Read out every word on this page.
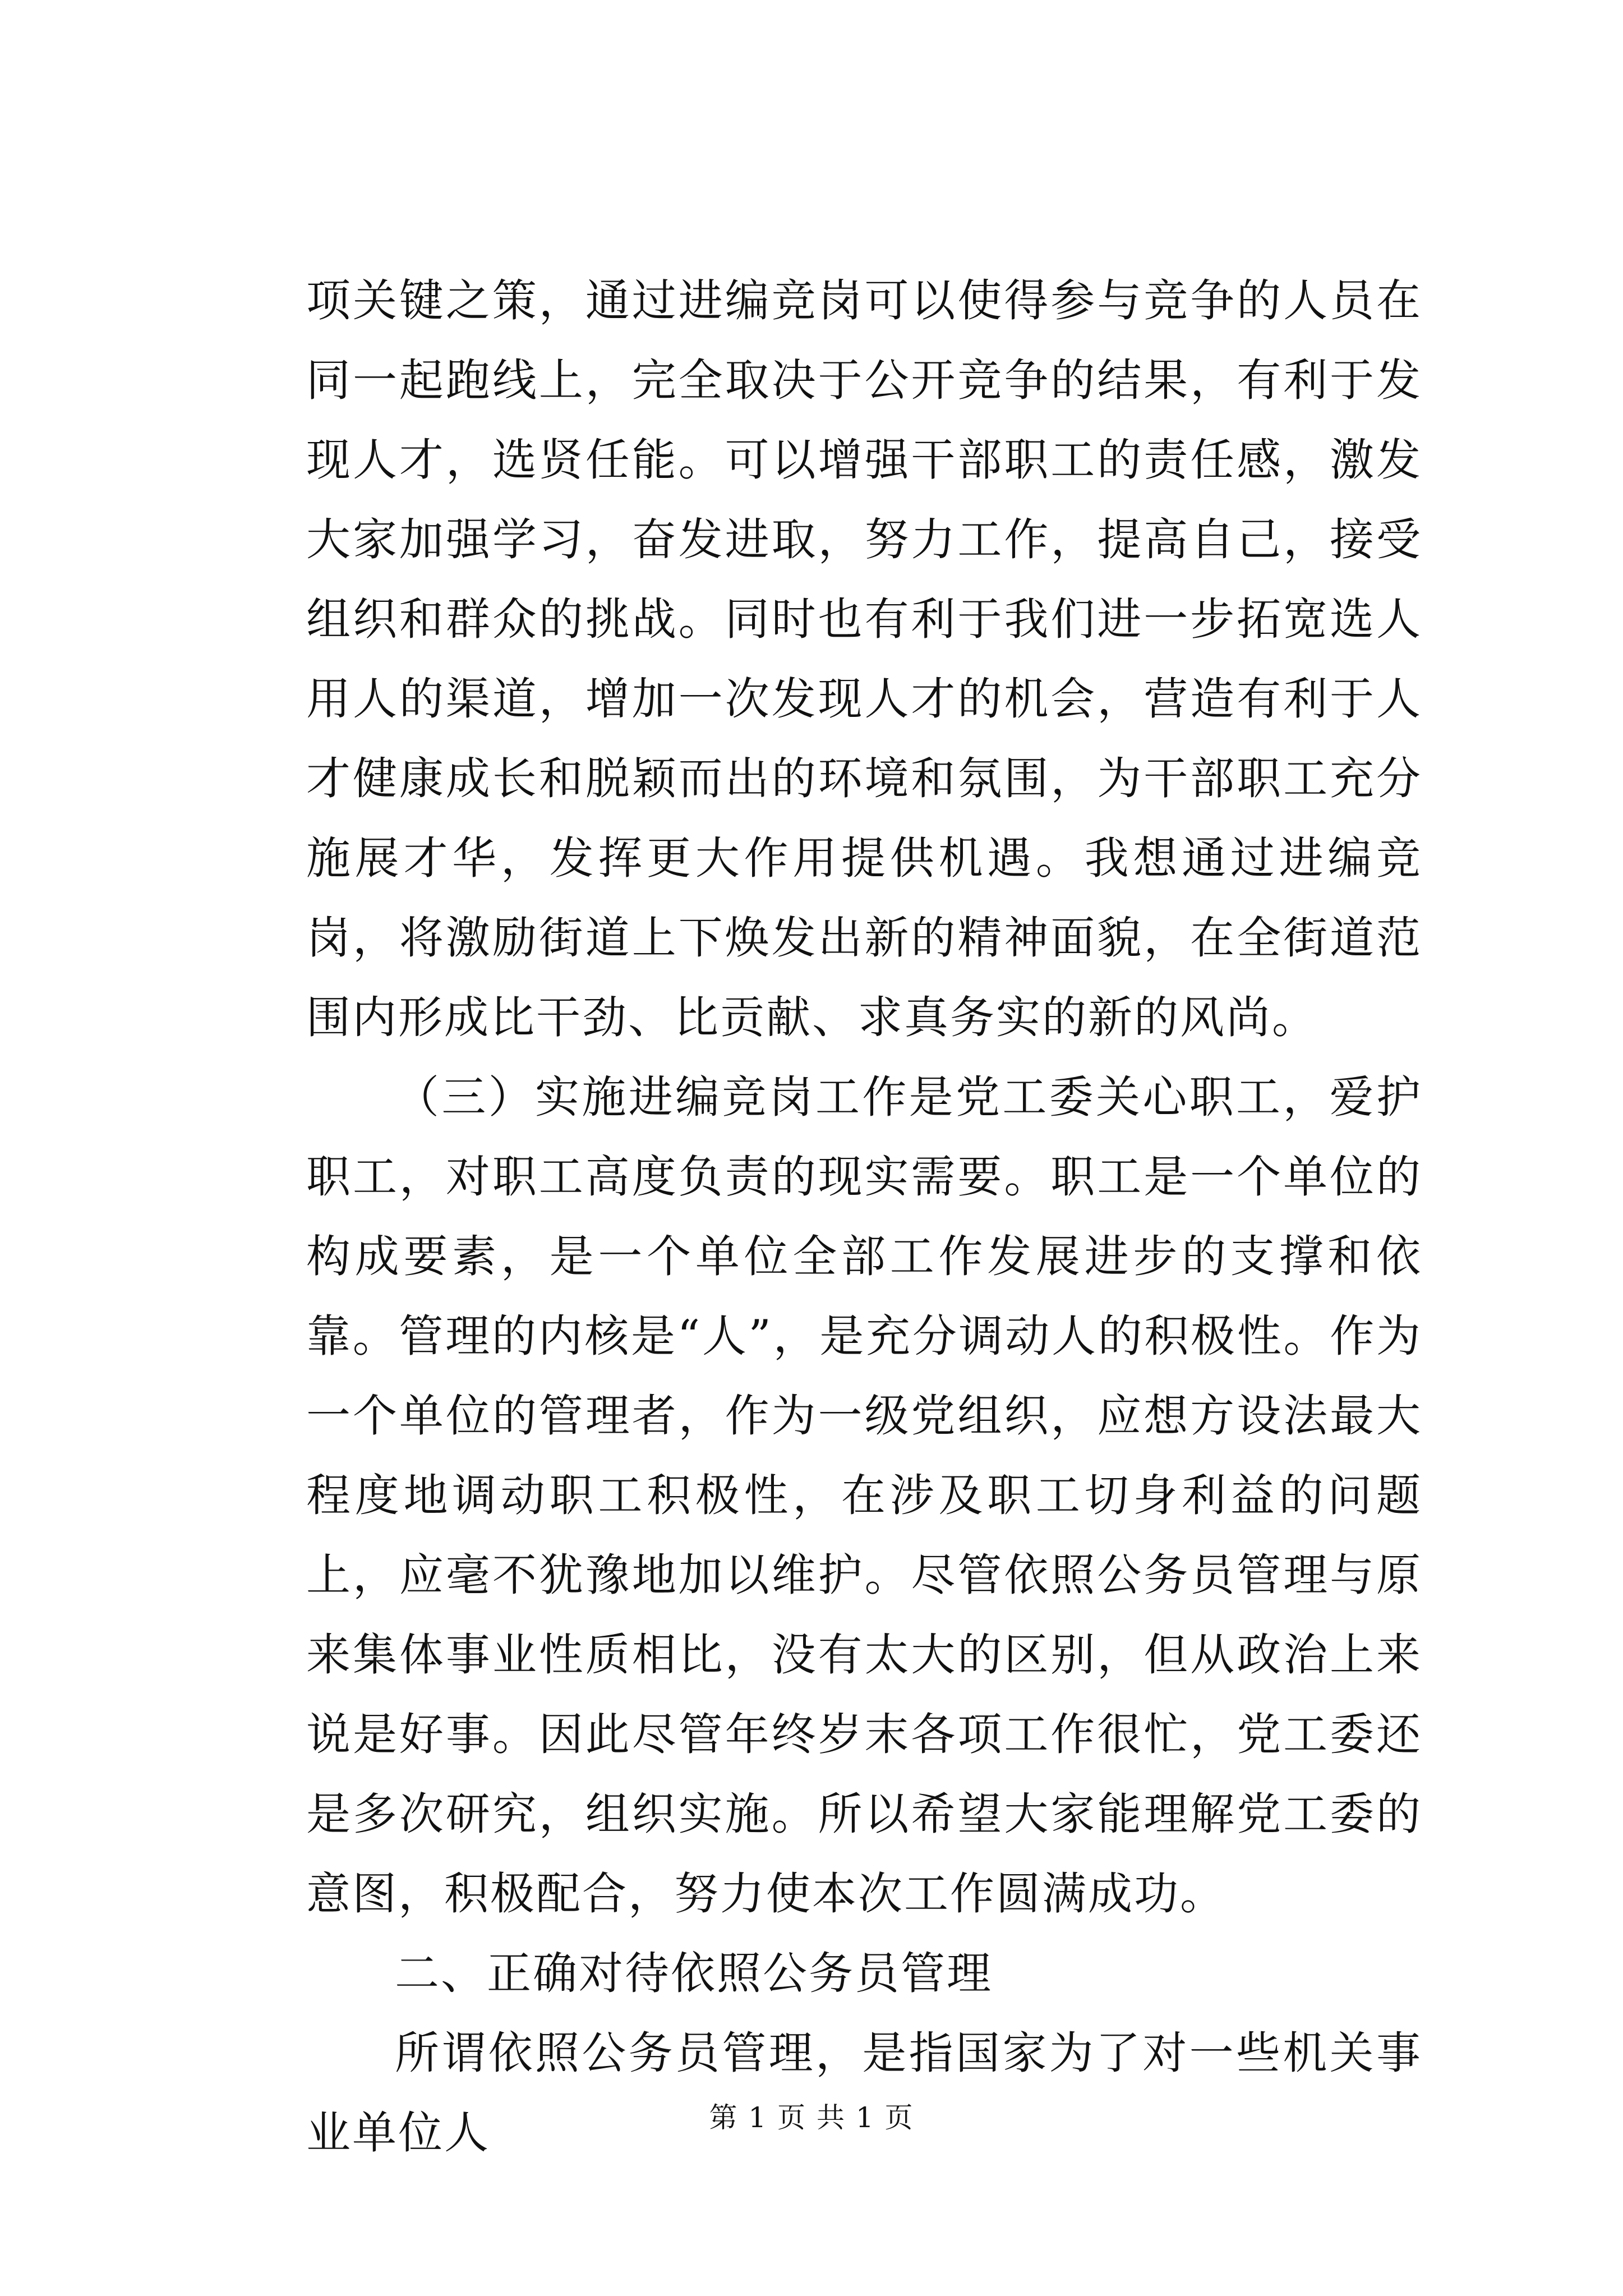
项关键之策，通过进编竞岗可以使得参与竞争的人员在同一起跑线上，完全取决于公开竞争的结果，有利于发现人才，选贤任能。可以增强干部职工的责任感，激发大家加强学习，奋发进取，努力工作，提高自己，接受组织和群众的挑战。同时也有利于我们进一步拓宽选人用人的渠道，增加一次发现人才的机会，营造有利于人才健康成长和脱颖而出的环境和氛围，为干部职工充分施展才华，发挥更大作用提供机遇。我想通过进编竞岗，将激励街道上下焕发出新的精神面貌，在全街道范围内形成比干劲、比贡献、求真务实的新的风尚。

（三）实施进编竞岗工作是党工委关心职工，爱护职工，对职工高度负责的现实需要。职工是一个单位的构成要素，是一个单位全部工作发展进步的支撑和依靠。管理的内核是“人”，是充分调动人的积极性。作为一个单位的管理者，作为一级党组织，应想方设法最大程度地调动职工积极性，在涉及职工切身利益的问题上，应毫不犹豫地加以维护。尽管依照公务员管理与原来集体事业性质相比，没有太大的区别，但从政治上来说是好事。因此尽管年终岁末各项工作很忙，党工委还是多次研究，组织实施。所以希望大家能理解党工委的意图，积极配合，努力使本次工作圆满成功。

二、正确对待依照公务员管理

所谓依照公务员管理，是指国家为了对一些机关事业单位人	第 1 页 共 1 页
